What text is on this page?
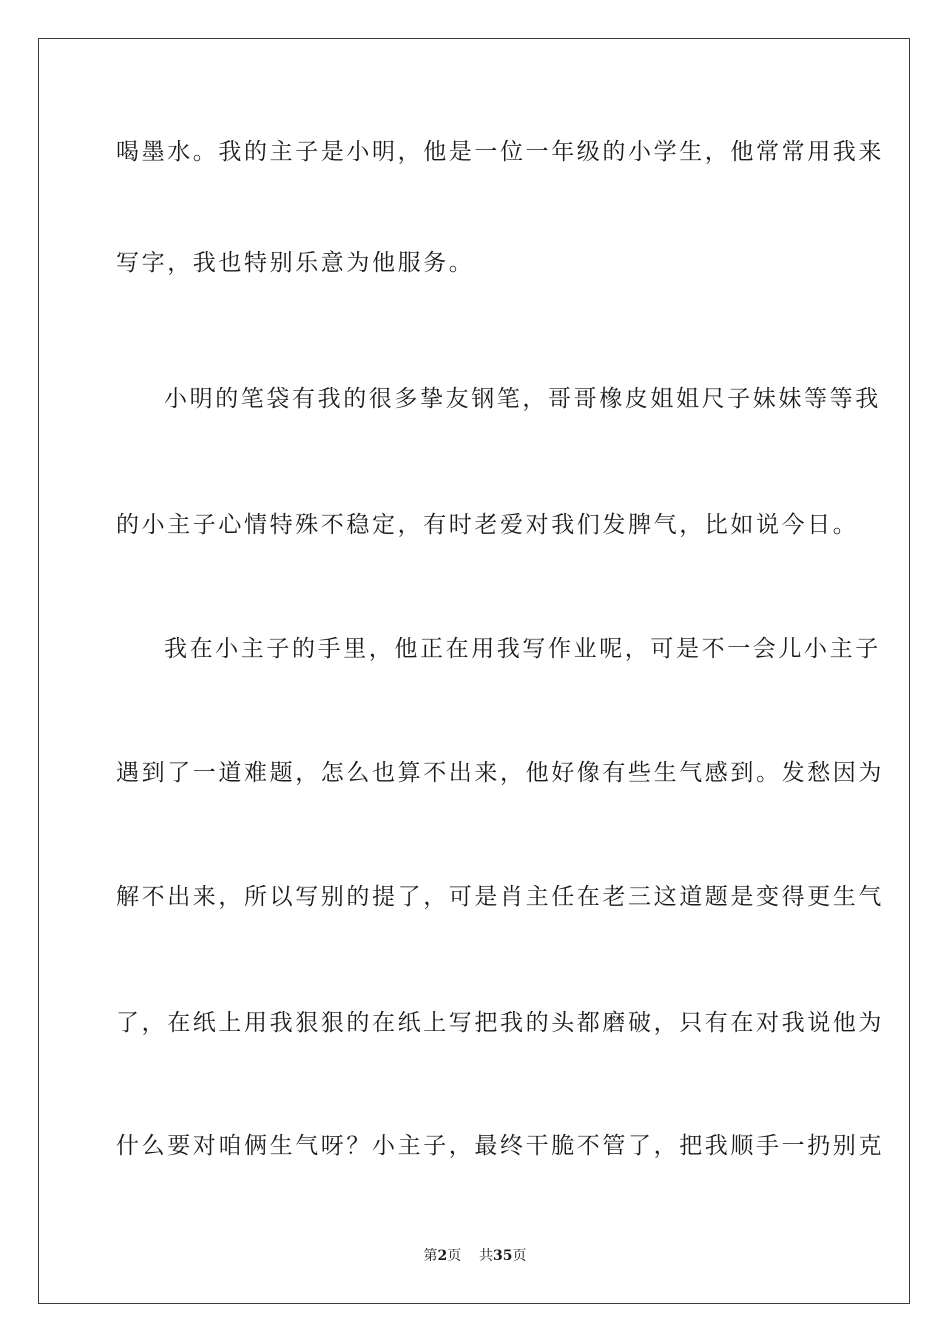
喝墨水。我的主子是小明，他是一位一年级的小学生，他常常用我来
写字，我也特别乐意为他服务。
小明的笔袋有我的很多挚友钢笔，哥哥橡皮姐姐尺子妹妹等等我
的小主子心情特殊不稳定，有时老爱对我们发脾气，比如说今日。
我在小主子的手里，他正在用我写作业呢，可是不一会儿小主子
遇到了一道难题，怎么也算不出来，他好像有些生气感到。发愁因为
解不出来，所以写别的提了，可是肖主任在老三这道题是变得更生气
了，在纸上用我狠狠的在纸上写把我的头都磨破，只有在对我说他为
什么要对咱俩生气呀？小主子，最终干脆不管了，把我顺手一扔别克
第2页 共35页
